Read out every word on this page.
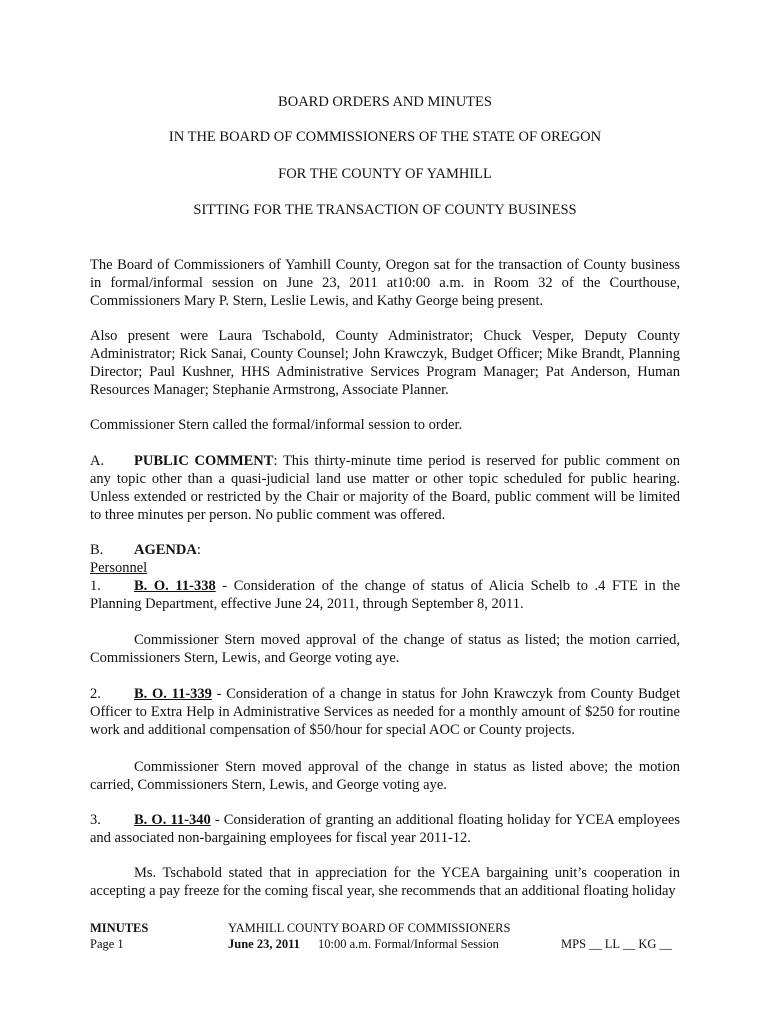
BOARD ORDERS AND MINUTES
IN THE BOARD OF COMMISSIONERS OF THE STATE OF OREGON
FOR THE COUNTY OF YAMHILL
SITTING FOR THE TRANSACTION OF COUNTY BUSINESS

The Board of Commissioners of Yamhill County, Oregon sat for the transaction of County business in formal/informal session on June 23, 2011 at10:00 a.m. in Room 32 of the Courthouse, Commissioners Mary P. Stern, Leslie Lewis, and Kathy George being present.

Also present were Laura Tschabold, County Administrator; Chuck Vesper, Deputy County Administrator; Rick Sanai, County Counsel; John Krawczyk, Budget Officer; Mike Brandt, Planning Director; Paul Kushner, HHS Administrative Services Program Manager; Pat Anderson, Human Resources Manager; Stephanie Armstrong, Associate Planner.

Commissioner Stern called the formal/informal session to order.

A. PUBLIC COMMENT: This thirty-minute time period is reserved for public comment on any topic other than a quasi-judicial land use matter or other topic scheduled for public hearing. Unless extended or restricted by the Chair or majority of the Board, public comment will be limited to three minutes per person. No public comment was offered.

B. AGENDA:

Personnel

1. B. O. 11-338 - Consideration of the change of status of Alicia Schelb to .4 FTE in the Planning Department, effective June 24, 2011, through September 8, 2011.

Commissioner Stern moved approval of the change of status as listed; the motion carried, Commissioners Stern, Lewis, and George voting aye.

2. B. O. 11-339 - Consideration of a change in status for John Krawczyk from County Budget Officer to Extra Help in Administrative Services as needed for a monthly amount of $250 for routine work and additional compensation of $50/hour for special AOC or County projects.

Commissioner Stern moved approval of the change in status as listed above; the motion carried, Commissioners Stern, Lewis, and George voting aye.

3. B. O. 11-340 - Consideration of granting an additional floating holiday for YCEA employees and associated non-bargaining employees for fiscal year 2011-12.

Ms. Tschabold stated that in appreciation for the YCEA bargaining unit’s cooperation in accepting a pay freeze for the coming fiscal year, she recommends that an additional floating holiday

MINUTES
Page 1
YAMHILL COUNTY BOARD OF COMMISSIONERS
June 23, 2011 10:00 a.m. Formal/Informal Session	MPS __ LL __ KG __
